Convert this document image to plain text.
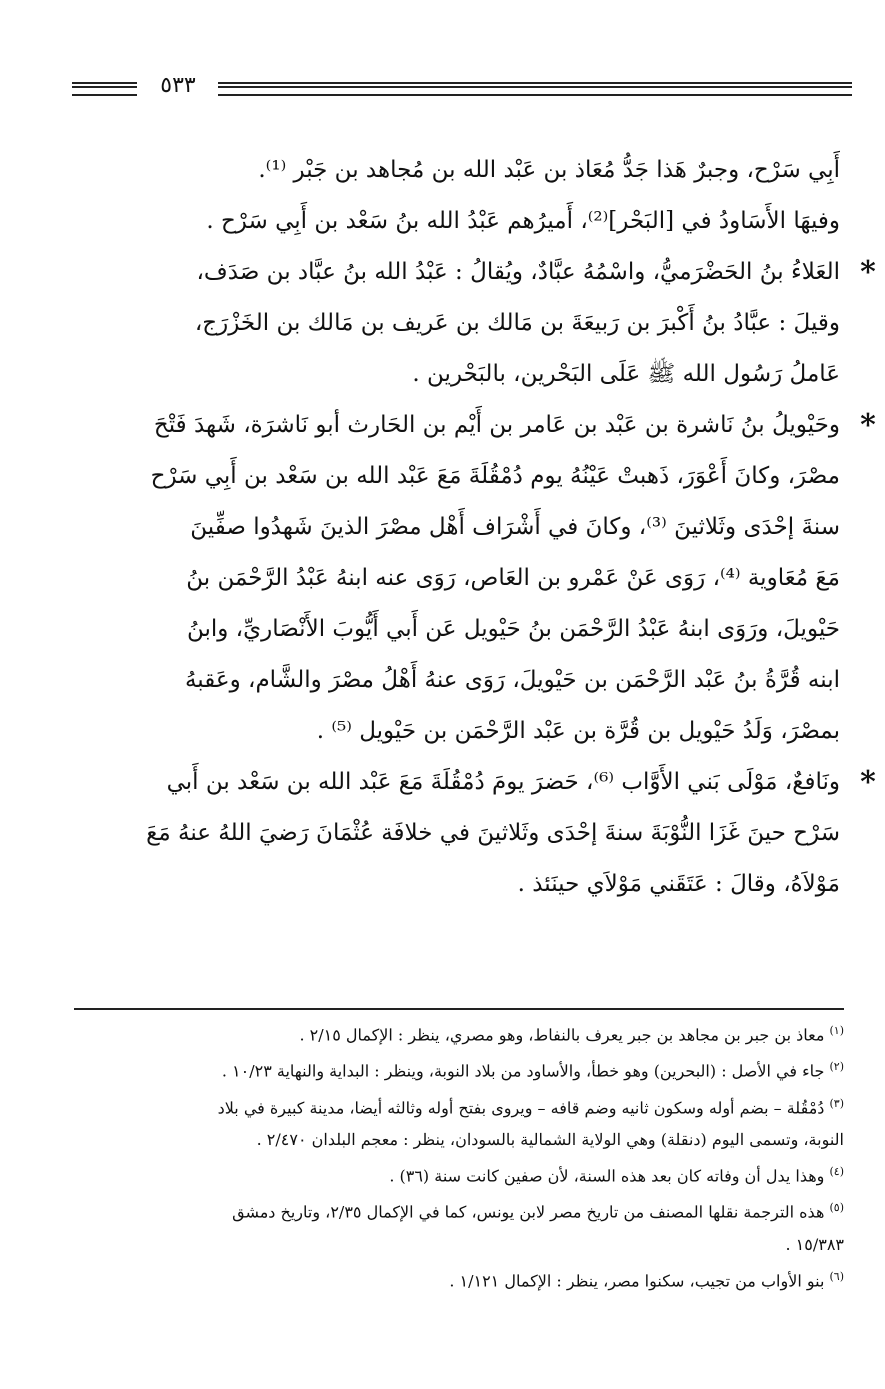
٥٣٣
أَبِي سَرْح، وجبرٌ هَذا جَدُّ مُعَاذ بن عَبْد الله بن مُجاهد بن جَبْر ⁽¹⁾.
وفيهَا الأَسَاودُ في [البَحْر]⁽²⁾، أَميرُهم عَبْدُ الله بنُ سَعْد بن أَبِي سَرْح .
*
العَلاءُ بنُ الحَضْرَميُّ، واسْمُهُ عبَّادٌ، ويُقالُ : عَبْدُ الله بنُ عبَّاد بن صَدَف،
وقيلَ : عبَّادُ بنُ أَكْبرَ بن رَبيعَةَ بن مَالك بن عَريف بن مَالك بن الخَزْرَج،
عَاملُ رَسُول الله ﷺ عَلَى البَحْرين، بالبَحْرين .
*
وحَيْويلُ بنُ نَاشرة بن عَبْد بن عَامر بن أَيْم بن الحَارث أبو نَاشرَة، شَهدَ فَتْحَ
مصْرَ، وكانَ أَعْوَرَ، ذَهبتْ عَيْنُهُ يوم دُمْقُلَةَ مَعَ عَبْد الله بن سَعْد بن أَبِي سَرْح
سنةَ إحْدَى وثَلاثينَ ⁽³⁾، وكانَ في أَشْرَاف أَهْل مصْرَ الذينَ شَهدُوا صفِّينَ
مَعَ مُعَاوية ⁽⁴⁾، رَوَى عَنْ عَمْرو بن العَاص، رَوَى عنه ابنهُ عَبْدُ الرَّحْمَن بنُ
حَيْويلَ، ورَوَى ابنهُ عَبْدُ الرَّحْمَن بنُ حَيْويل عَن أَبي أَيُّوبَ الأَنْصَاريِّ، وابنُ
ابنه قُرَّةُ بنُ عَبْد الرَّحْمَن بن حَيْويلَ، رَوَى عنهُ أَهْلُ مصْرَ والشَّام، وعَقبهُ
بمصْرَ، وَلَدُ حَيْويل بن قُرَّة بن عَبْد الرَّحْمَن بن حَيْويل ⁽⁵⁾ .
*
ونَافعٌ، مَوْلَى بَني الأَوَّاب ⁽⁶⁾، حَضرَ يومَ دُمْقُلَةَ مَعَ عَبْد الله بن سَعْد بن أَبي
سَرْح حينَ غَزَا النُّوْبَةَ سنةَ إحْدَى وثَلاثينَ في خلافَة عُثْمَانَ رَضيَ اللهُ عنهُ مَعَ
مَوْلاَهُ، وقالَ : عَتَقَني مَوْلاَي حينَئذ .
$^{(١)}$ معاذ بن جبر بن مجاهد بن جبر يعرف بالنفاط، وهو مصري، ينظر : الإكمال ٢/١٥ .
$^{(٢)}$ جاء في الأصل : (البحرين) وهو خطأ، والأساود من بلاد النوبة، وينظر : البداية والنهاية ١٠/٢٣ .
$^{(٣)}$ دُمْقُلة – بضم أوله وسكون ثانيه وضم قافه – ويروى بفتح أوله وثالثه أيضا، مدينة كبيرة في بلاد
النوبة، وتسمى اليوم (دنقلة) وهي الولاية الشمالية بالسودان، ينظر : معجم البلدان ٢/٤٧٠ .
$^{(٤)}$ وهذا يدل أن وفاته كان بعد هذه السنة، لأن صفين كانت سنة (٣٦) .
$^{(٥)}$ هذه الترجمة نقلها المصنف من تاريخ مصر لابن يونس، كما في الإكمال ٢/٣٥، وتاريخ دمشق
١٥/٣٨٣ .
$^{(٦)}$ بنو الأواب من تجيب، سكنوا مصر، ينظر : الإكمال ١/١٢١ .
